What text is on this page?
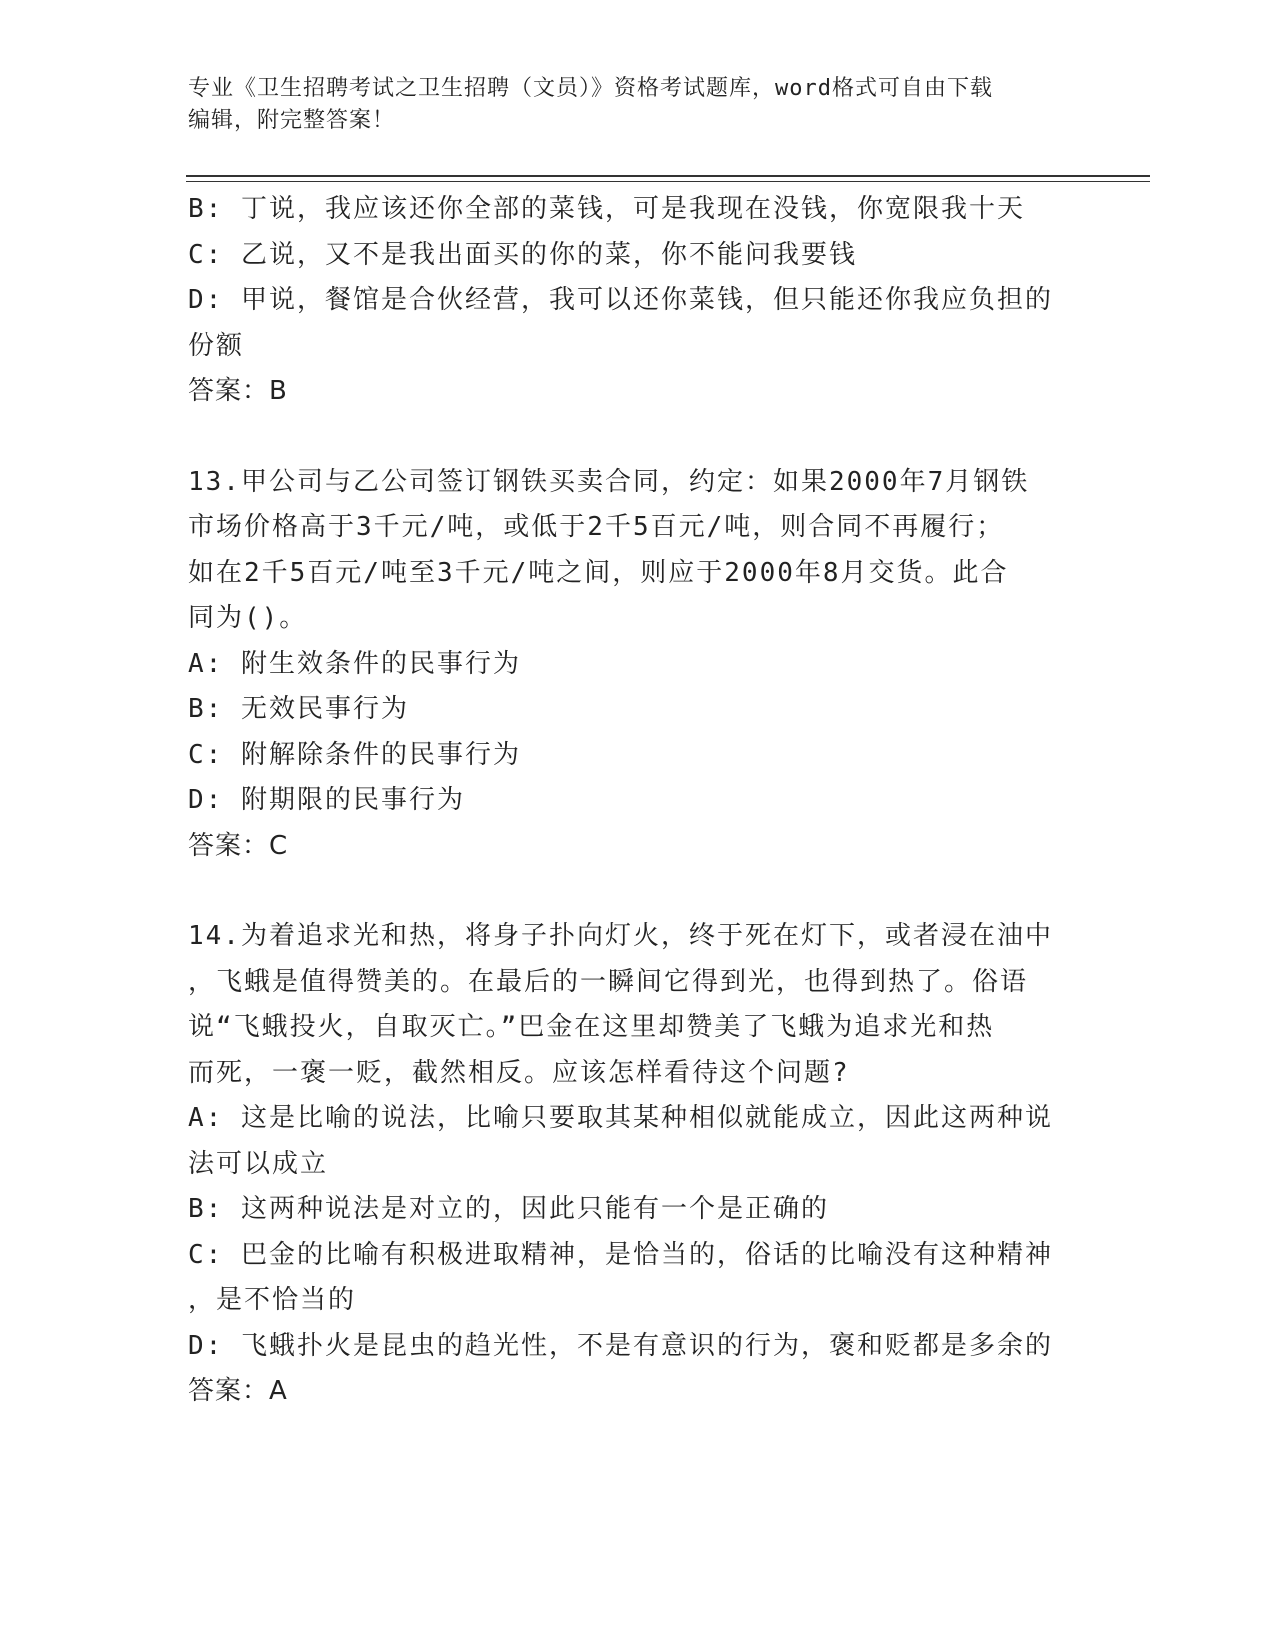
专业《卫生招聘考试之卫生招聘（文员）》资格考试题库，word格式可自由下载
编辑，附完整答案！
B: 丁说，我应该还你全部的菜钱，可是我现在没钱，你宽限我十天
C: 乙说，又不是我出面买的你的菜，你不能问我要钱
D: 甲说，餐馆是合伙经营，我可以还你菜钱，但只能还你我应负担的
份额
答案：B
13.甲公司与乙公司签订钢铁买卖合同，约定：如果2000年7月钢铁
市场价格高于3千元/吨，或低于2千5百元/吨，则合同不再履行；
如在2千5百元/吨至3千元/吨之间，则应于2000年8月交货。此合
同为()。
A: 附生效条件的民事行为
B: 无效民事行为
C: 附解除条件的民事行为
D: 附期限的民事行为
答案：C
14.为着追求光和热，将身子扑向灯火，终于死在灯下，或者浸在油中
，飞蛾是值得赞美的。在最后的一瞬间它得到光，也得到热了。俗语
说“飞蛾投火，自取灭亡。”巴金在这里却赞美了飞蛾为追求光和热
而死，一褒一贬，截然相反。应该怎样看待这个问题?
A: 这是比喻的说法，比喻只要取其某种相似就能成立，因此这两种说
法可以成立
B: 这两种说法是对立的，因此只能有一个是正确的
C: 巴金的比喻有积极进取精神，是恰当的，俗话的比喻没有这种精神
，是不恰当的
D: 飞蛾扑火是昆虫的趋光性，不是有意识的行为，褒和贬都是多余的
答案：A
